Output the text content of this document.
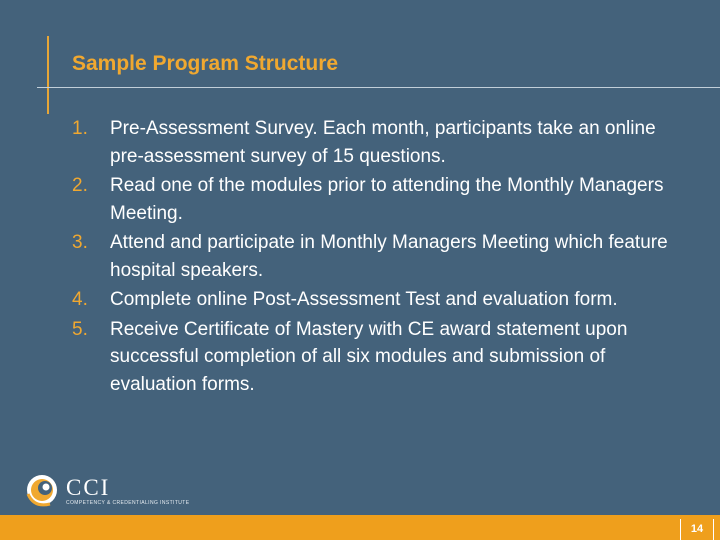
Sample Program Structure
1. Pre-Assessment Survey. Each month, participants take an online pre-assessment survey of 15 questions.
2. Read one of the modules prior to attending the Monthly Managers Meeting.
3. Attend and participate in Monthly Managers Meeting which feature hospital speakers.
4. Complete online Post-Assessment Test and evaluation form.
5. Receive Certificate of Mastery with CE award statement upon successful completion of all six modules and submission of evaluation forms.
CCI
COMPETENCY & CREDENTIALING INSTITUTE
14
